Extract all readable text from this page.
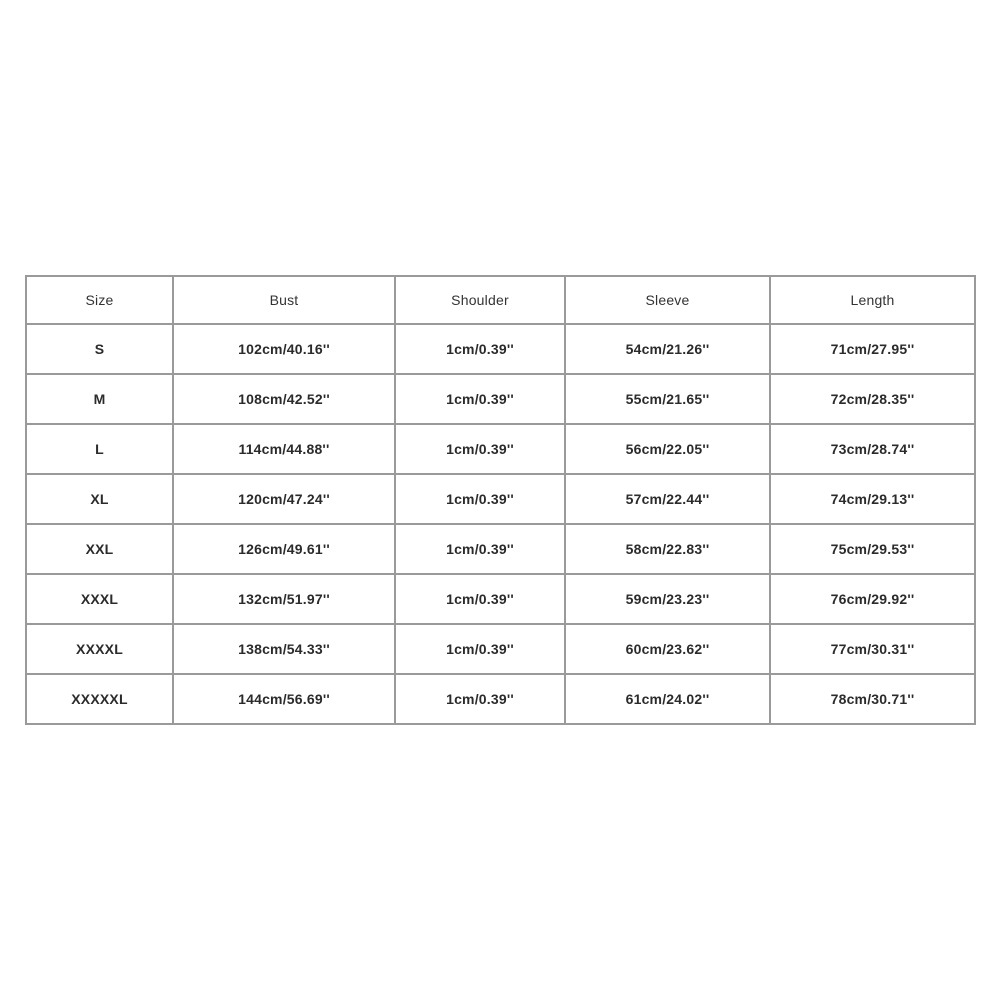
Size	Bust	Shoulder	Sleeve	Length
S	102cm/40.16''	1cm/0.39''	54cm/21.26''	71cm/27.95''
M	108cm/42.52''	1cm/0.39''	55cm/21.65''	72cm/28.35''
L	114cm/44.88''	1cm/0.39''	56cm/22.05''	73cm/28.74''
XL	120cm/47.24''	1cm/0.39''	57cm/22.44''	74cm/29.13''
XXL	126cm/49.61''	1cm/0.39''	58cm/22.83''	75cm/29.53''
XXXL	132cm/51.97''	1cm/0.39''	59cm/23.23''	76cm/29.92''
XXXXL	138cm/54.33''	1cm/0.39''	60cm/23.62''	77cm/30.31''
XXXXXL	144cm/56.69''	1cm/0.39''	61cm/24.02''	78cm/30.71''
